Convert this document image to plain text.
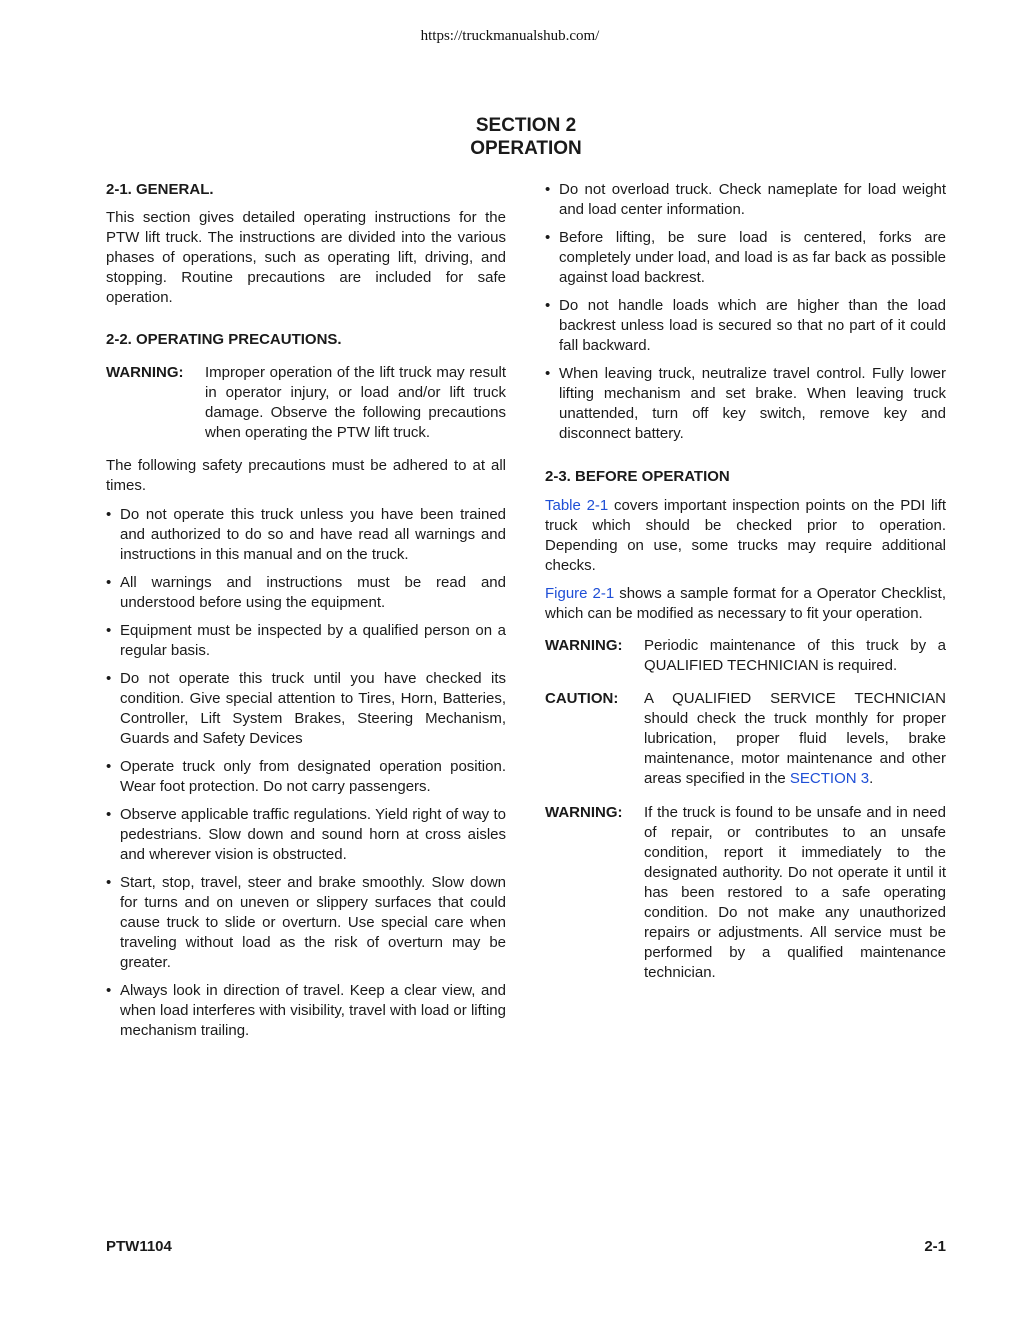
https://truckmanualshub.com/
SECTION 2
OPERATION
2-1. GENERAL.

This section gives detailed operating instructions for the PTW lift truck. The instructions are divided into the various phases of operations, such as operating lift, driving, and stopping. Routine precautions are included for safe operation.

2-2. OPERATING PRECAUTIONS.
WARNING:	Improper operation of the lift truck may result in operator injury, or load and/or lift truck damage. Observe the following precautions when operating the PTW lift truck.

The following safety precautions must be adhered to at all times.

• Do not operate this truck unless you have been trained and authorized to do so and have read all warnings and instructions in this manual and on the truck.
• All warnings and instructions must be read and understood before using the equipment.
• Equipment must be inspected by a qualified person on a regular basis.
• Do not operate this truck until you have checked its condition. Give special attention to Tires, Horn, Batteries, Controller, Lift System Brakes, Steering Mechanism, Guards and Safety Devices
• Operate truck only from designated operation position. Wear foot protection. Do not carry passengers.
• Observe applicable traffic regulations. Yield right of way to pedestrians. Slow down and sound horn at cross aisles and wherever vision is obstructed.
• Start, stop, travel, steer and brake smoothly. Slow down for turns and on uneven or slippery surfaces that could cause truck to slide or overturn. Use special care when traveling without load as the risk of overturn may be greater.
• Always look in direction of travel. Keep a clear view, and when load interferes with visibility, travel with load or lifting mechanism trailing.
• Do not overload truck. Check nameplate for load weight and load center information.
• Before lifting, be sure load is centered, forks are completely under load, and load is as far back as possible against load backrest.
• Do not handle loads which are higher than the load backrest unless load is secured so that no part of it could fall backward.
• When leaving truck, neutralize travel control. Fully lower lifting mechanism and set brake. When leaving truck unattended, turn off key switch, remove key and disconnect battery.
2-3. BEFORE OPERATION

Table 2-1 covers important inspection points on the PDI lift truck which should be checked prior to operation. Depending on use, some trucks may require additional checks.

Figure 2-1 shows a sample format for a Operator Checklist, which can be modified as necessary to fit your operation.

WARNING:	Periodic maintenance of this truck by a QUALIFIED TECHNICIAN is required.
CAUTION:	A QUALIFIED SERVICE TECHNICIAN should check the truck monthly for proper lubrication, proper fluid levels, brake maintenance, motor maintenance and other areas specified in the SECTION 3.
WARNING:	If the truck is found to be unsafe and in need of repair, or contributes to an unsafe condition, report it immediately to the designated authority. Do not operate it until it has been restored to a safe operating condition. Do not make any unauthorized repairs or adjustments. All service must be performed by a qualified maintenance technician.
PTW1104	2-1
